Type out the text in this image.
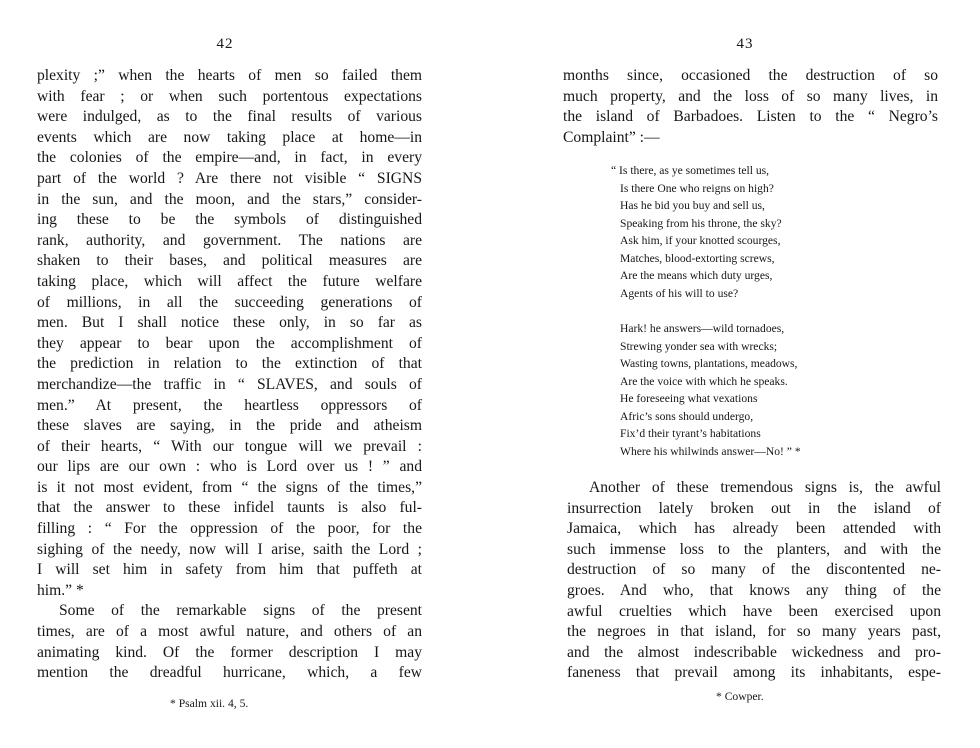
42
plexity ;” when the hearts of men so failed them
with fear ; or when such portentous expectations
were indulged, as to the final results of various
events which are now taking place at home—in
the colonies of the empire—and, in fact, in every
part of the world ? Are there not visible “ SIGNS
in the sun, and the moon, and the stars,” consider-
ing these to be the symbols of distinguished
rank, authority, and government. The nations are
shaken to their bases, and political measures are
taking place, which will affect the future welfare
of millions, in all the succeeding generations of
men. But I shall notice these only, in so far as
they appear to bear upon the accomplishment of
the prediction in relation to the extinction of that
merchandize—the traffic in “ SLAVES, and souls of
men.” At present, the heartless oppressors of
these slaves are saying, in the pride and atheism
of their hearts, “ With our tongue will we prevail :
our lips are our own : who is Lord over us ! ” and
is it not most evident, from “ the signs of the times,”
that the answer to these infidel taunts is also ful-
filling : “ For the oppression of the poor, for the
sighing of the needy, now will I arise, saith the Lord ;
I will set him in safety from him that puffeth at
him.” *
Some of the remarkable signs of the present
times, are of a most awful nature, and others of an
animating kind. Of the former description I may
mention the dreadful hurricane, which, a few
* Psalm xii. 4, 5.
43
months since, occasioned the destruction of so
much property, and the loss of so many lives, in
the island of Barbadoes. Listen to the “ Negro’s
Complaint” :—
“ Is there, as ye sometimes tell us,
Is there One who reigns on high?
Has he bid you buy and sell us,
Speaking from his throne, the sky?
Ask him, if your knotted scourges,
Matches, blood-extorting screws,
Are the means which duty urges,
Agents of his will to use?
Hark! he answers—wild tornadoes,
Strewing yonder sea with wrecks;
Wasting towns, plantations, meadows,
Are the voice with which he speaks.
He foreseeing what vexations
Afric’s sons should undergo,
Fix’d their tyrant’s habitations
Where his whilwinds answer—No! ” *
Another of these tremendous signs is, the awful
insurrection lately broken out in the island of
Jamaica, which has already been attended with
such immense loss to the planters, and with the
destruction of so many of the discontented ne-
groes. And who, that knows any thing of the
awful cruelties which have been exercised upon
the negroes in that island, for so many years past,
and the almost indescribable wickedness and pro-
faneness that prevail among its inhabitants, espe-
* Cowper.
